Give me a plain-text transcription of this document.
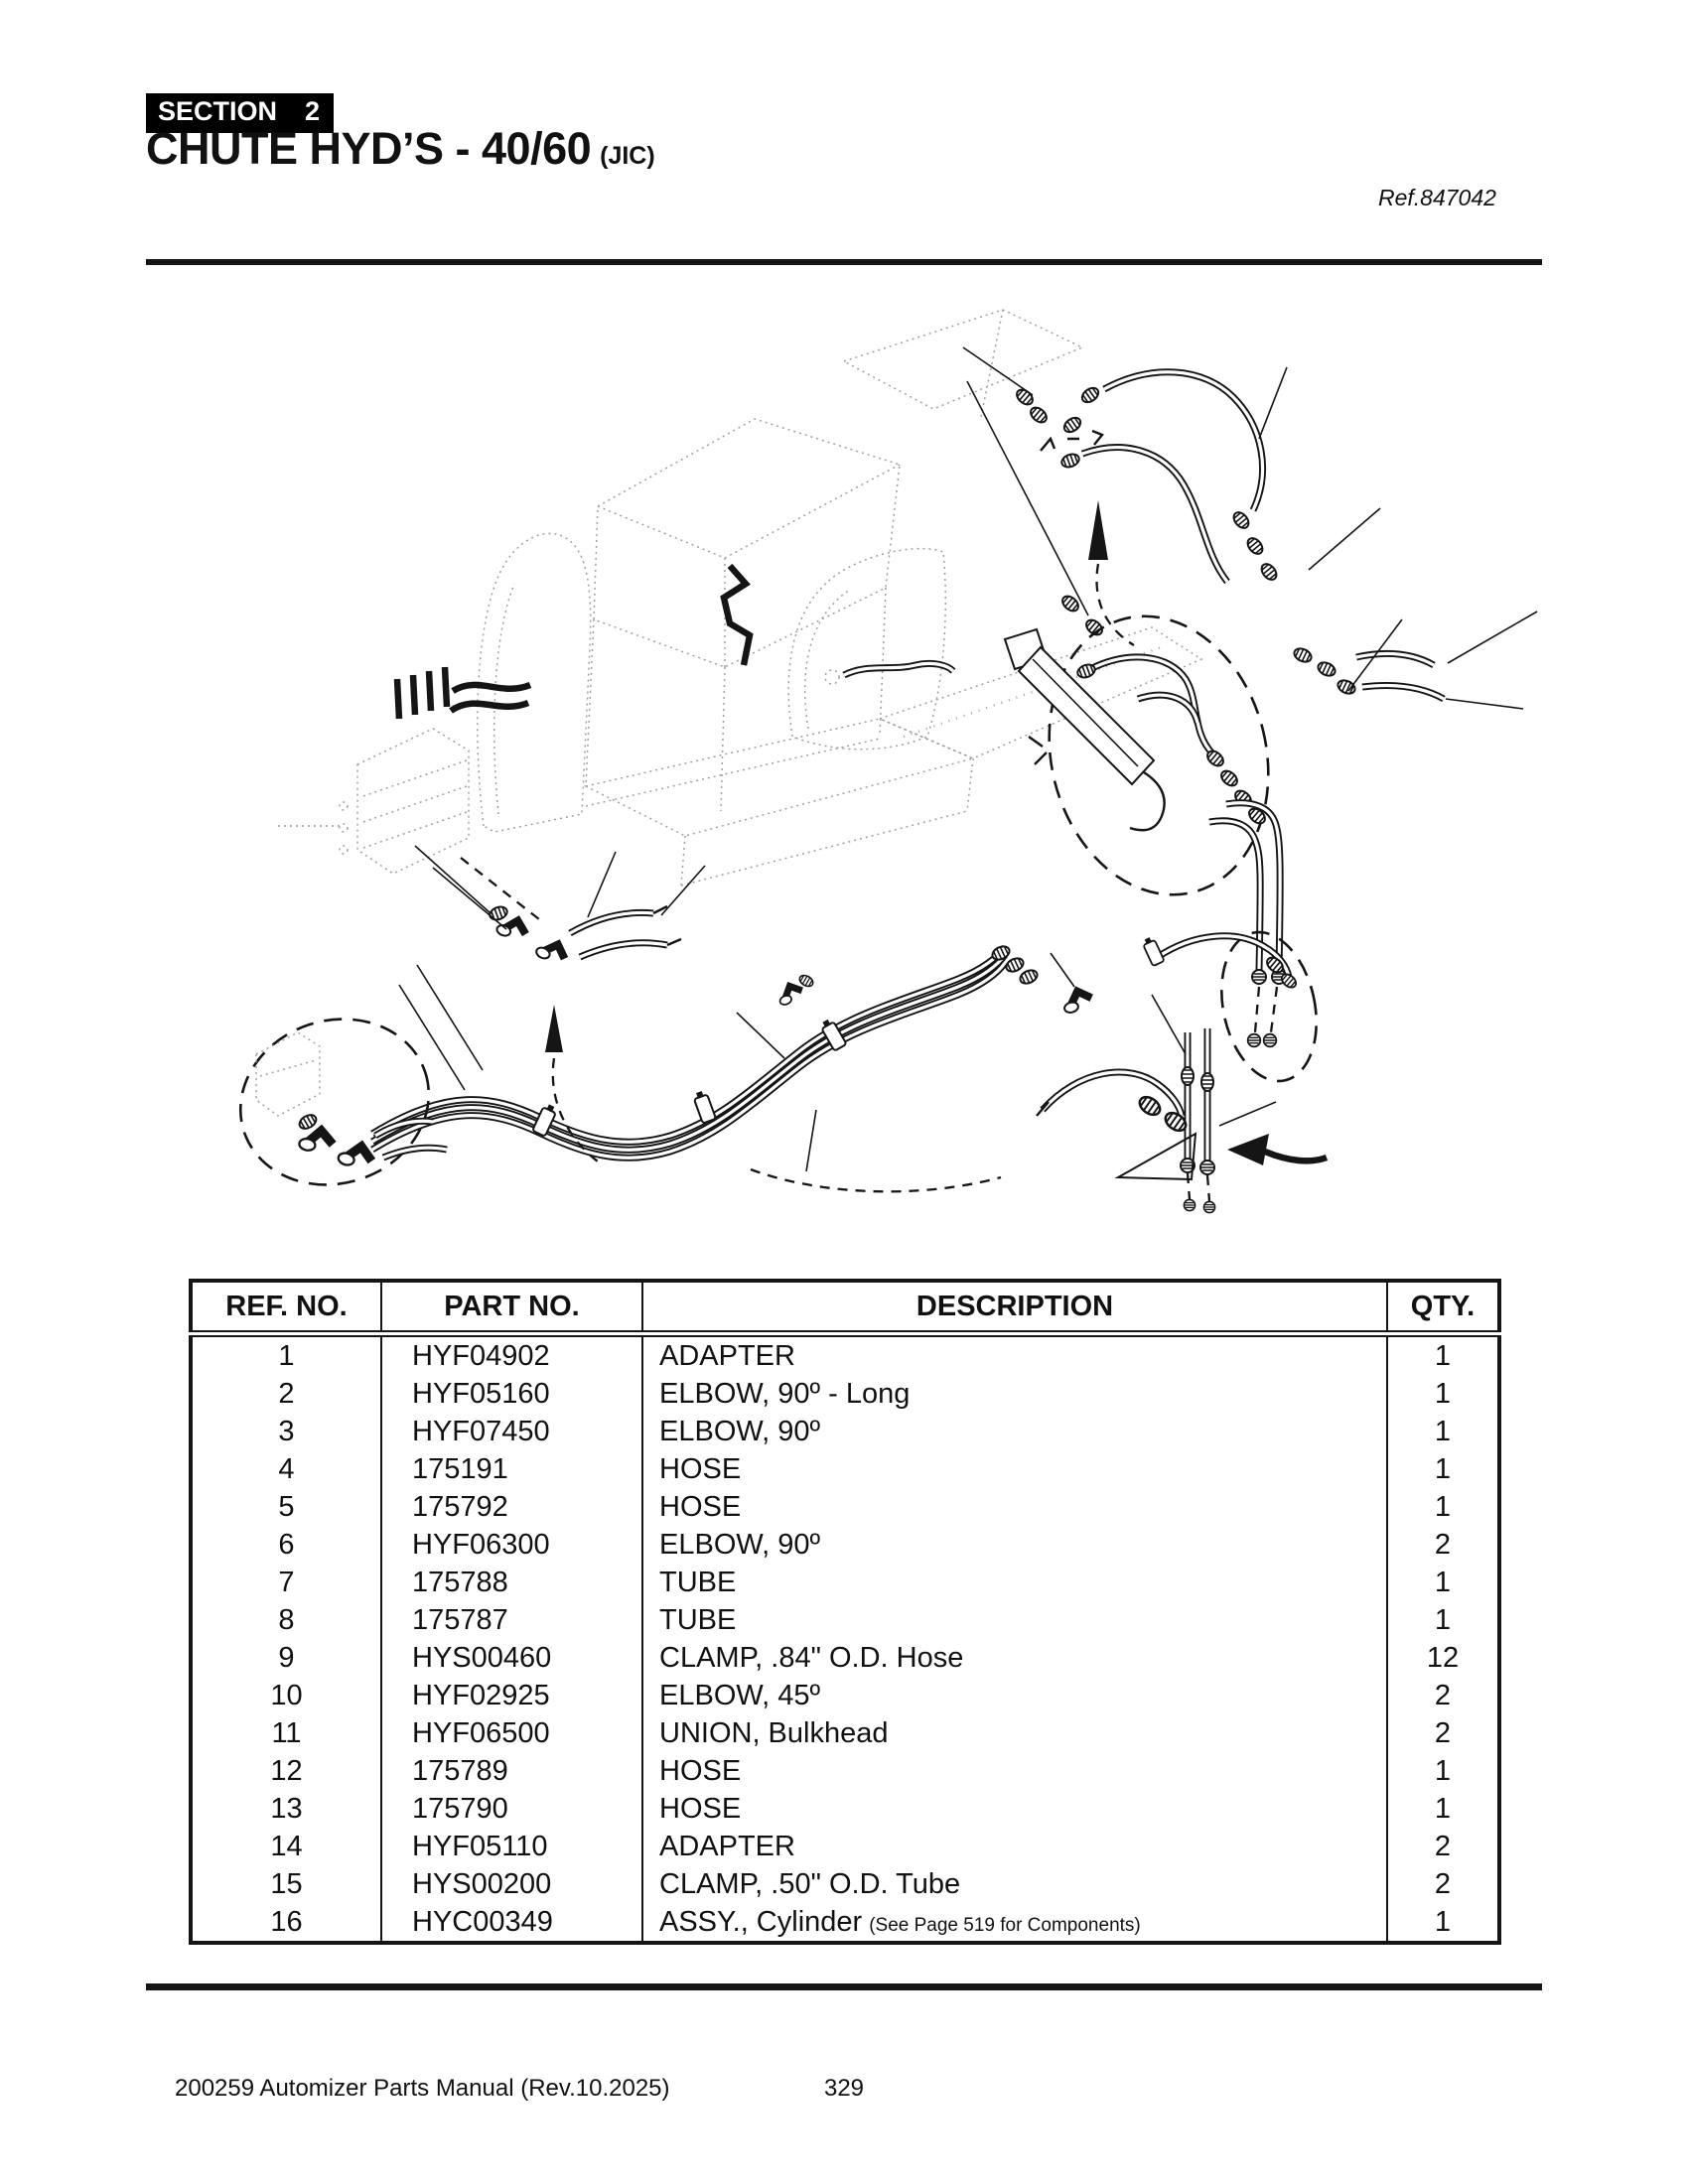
SECTION 2
CHUTE HYD’S - 40/60 (JIC)
Ref.847042
REF. NO.	PART NO.	DESCRIPTION	QTY.
1	HYF04902	ADAPTER	1
2	HYF05160	ELBOW, 90º - Long	1
3	HYF07450	ELBOW, 90º	1
4	175191	HOSE	1
5	175792	HOSE	1
6	HYF06300	ELBOW, 90º	2
7	175788	TUBE	1
8	175787	TUBE	1
9	HYS00460	CLAMP, .84" O.D. Hose	12
10	HYF02925	ELBOW, 45º	2
11	HYF06500	UNION, Bulkhead	2
12	175789	HOSE	1
13	175790	HOSE	1
14	HYF05110	ADAPTER	2
15	HYS00200	CLAMP, .50" O.D. Tube	2
16	HYC00349	ASSY., Cylinder (See Page 519 for Components)	1
200259 Automizer Parts Manual (Rev.10.2025)	329
